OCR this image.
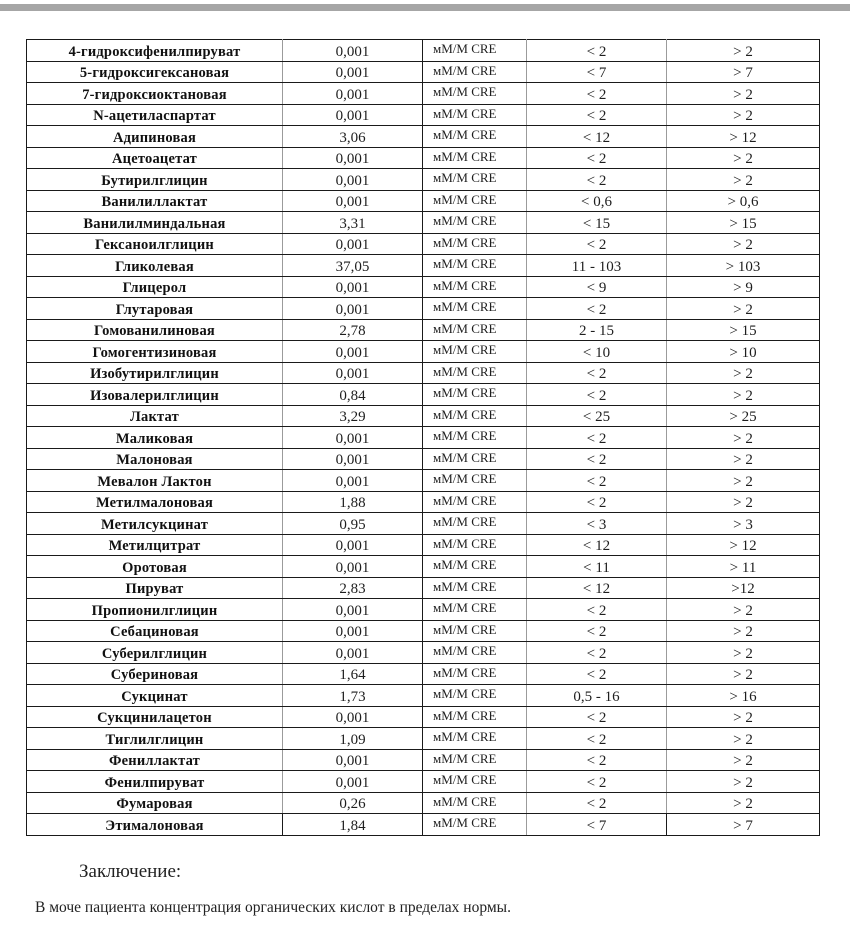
4-гидроксифенилпируват	0,001	мМ/M CRE	< 2	> 2
5-гидроксигексановая	0,001	мМ/M CRE	< 7	> 7
7-гидроксиоктановая	0,001	мМ/M CRE	< 2	> 2
N-ацетиласпартат	0,001	мМ/M CRE	< 2	> 2
Адипиновая	3,06	мМ/M CRE	< 12	> 12
Ацетоацетат	0,001	мМ/M CRE	< 2	> 2
Бутирилглицин	0,001	мМ/M CRE	< 2	> 2
Ванилиллактат	0,001	мМ/M CRE	< 0,6	> 0,6
Ванилилминдальная	3,31	мМ/M CRE	< 15	> 15
Гексаноилглицин	0,001	мМ/M CRE	< 2	> 2
Гликолевая	37,05	мМ/M CRE	11 - 103	> 103
Глицерол	0,001	мМ/M CRE	< 9	> 9
Глутаровая	0,001	мМ/M CRE	< 2	> 2
Гомованилиновая	2,78	мМ/M CRE	2 - 15	> 15
Гомогентизиновая	0,001	мМ/M CRE	< 10	> 10
Изобутирилглицин	0,001	мМ/M CRE	< 2	> 2
Изовалерилглицин	0,84	мМ/M CRE	< 2	> 2
Лактат	3,29	мМ/M CRE	< 25	> 25
Маликовая	0,001	мМ/M CRE	< 2	> 2
Малоновая	0,001	мМ/M CRE	< 2	> 2
Мевалон Лактон	0,001	мМ/M CRE	< 2	> 2
Метилмалоновая	1,88	мМ/M CRE	< 2	> 2
Метилсукцинат	0,95	мМ/M CRE	< 3	> 3
Метилцитрат	0,001	мМ/M CRE	< 12	> 12
Оротовая	0,001	мМ/M CRE	< 11	> 11
Пируват	2,83	мМ/M CRE	< 12	>12
Пропионилглицин	0,001	мМ/M CRE	< 2	> 2
Себациновая	0,001	мМ/M CRE	< 2	> 2
Суберилглицин	0,001	мМ/M CRE	< 2	> 2
Субериновая	1,64	мМ/M CRE	< 2	> 2
Сукцинат	1,73	мМ/M CRE	0,5 - 16	> 16
Сукцинилацетон	0,001	мМ/M CRE	< 2	> 2
Тиглилглицин	1,09	мМ/M CRE	< 2	> 2
Фениллактат	0,001	мМ/M CRE	< 2	> 2
Фенилпируват	0,001	мМ/M CRE	< 2	> 2
Фумаровая	0,26	мМ/M CRE	< 2	> 2
Этималоновая	1,84	мМ/M CRE	< 7	> 7
Заключение:
В моче пациента концентрация органических кислот в пределах нормы.
